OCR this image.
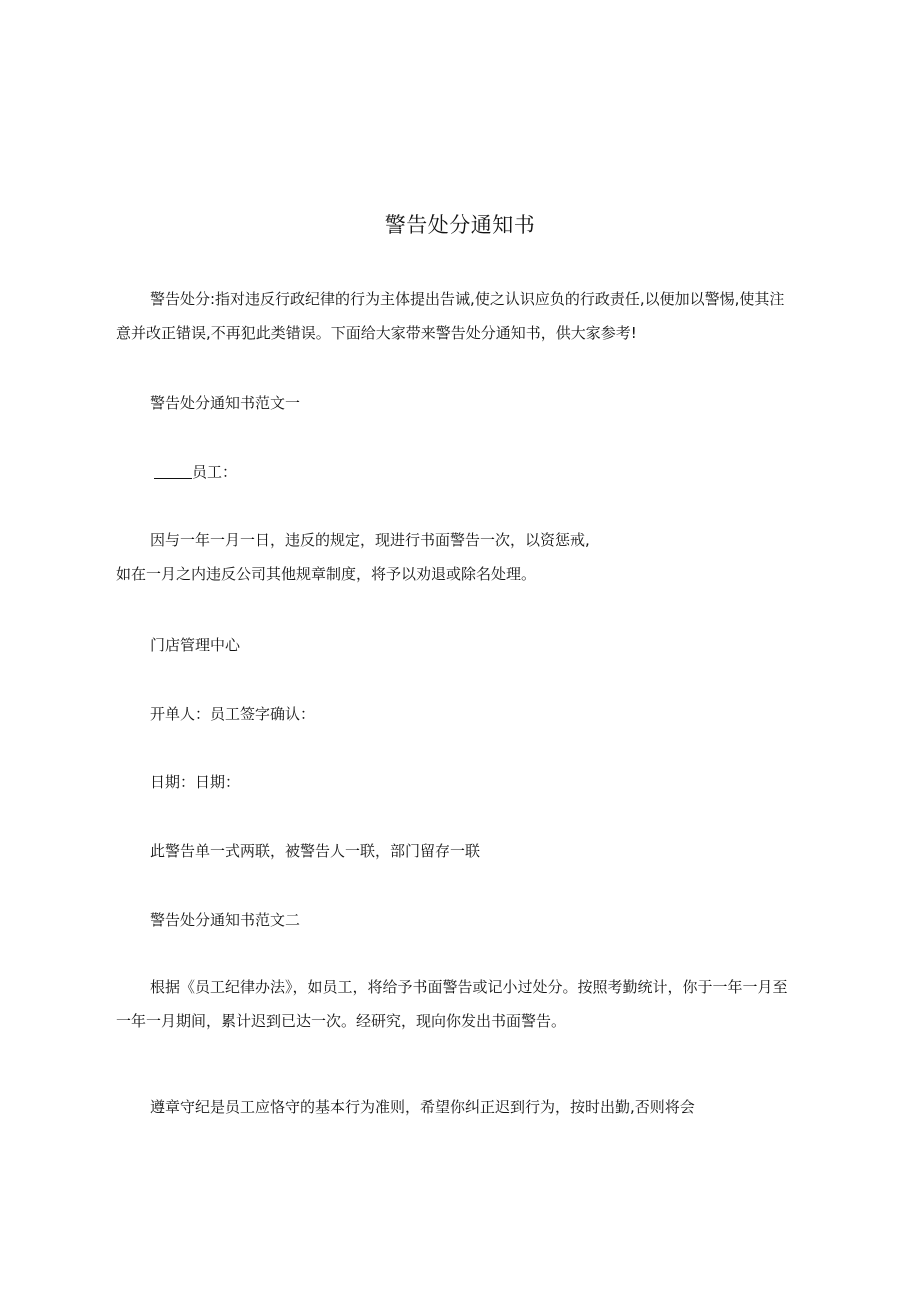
警告处分通知书
警告处分:指对违反行政纪律的行为主体提出告诫,使之认识应负的行政责任,以便加以警惕,使其注
意并改正错误,不再犯此类错误。下面给大家带来警告处分通知书，供大家参考!
警告处分通知书范文一
员工：
因与一年一月一日，违反的规定，现进行书面警告一次，以资惩戒,
如在一月之内违反公司其他规章制度，将予以劝退或除名处理。
门店管理中心
开单人：员工签字确认：
日期：日期：
此警告单一式两联，被警告人一联，部门留存一联
警告处分通知书范文二
根据《员工纪律办法》，如员工，将给予书面警告或记小过处分。按照考勤统计，你于一年一月至
一年一月期间，累计迟到已达一次。经研究，现向你发出书面警告。
遵章守纪是员工应恪守的基本行为准则，希望你纠正迟到行为，按时出勤,否则将会
